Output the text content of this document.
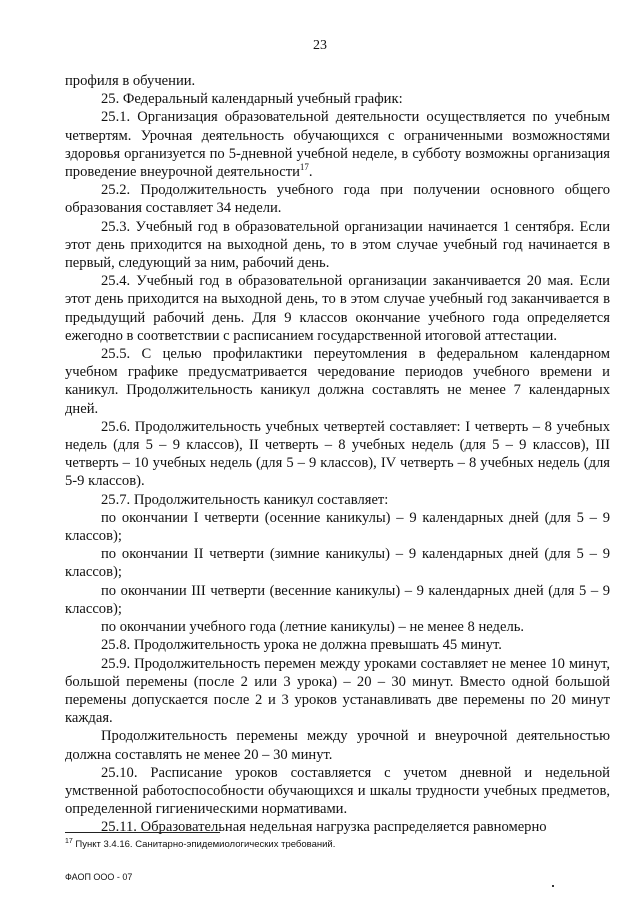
23

профиля в обучении.

25. Федеральный календарный учебный график:

25.1. Организация образовательной деятельности осуществляется по учебным четвертям. Урочная деятельность обучающихся с ограниченными возможностями здоровья организуется по 5-дневной учебной неделе, в субботу возможны организация проведение внеурочной деятельности$^{17}$.

25.2. Продолжительность учебного года при получении основного общего образования составляет 34 недели.

25.3. Учебный год в образовательной организации начинается 1 сентября. Если этот день приходится на выходной день, то в этом случае учебный год начинается в первый, следующий за ним, рабочий день.

25.4. Учебный год в образовательной организации заканчивается 20 мая. Если этот день приходится на выходной день, то в этом случае учебный год заканчивается в предыдущий рабочий день. Для 9 классов окончание учебного года определяется ежегодно в соответствии с расписанием государственной итоговой аттестации.

25.5. С целью профилактики переутомления в федеральном календарном учебном графике предусматривается чередование периодов учебного времени и каникул. Продолжительность каникул должна составлять не менее 7 календарных дней.

25.6. Продолжительность учебных четвертей составляет: I четверть – 8 учебных недель (для 5 – 9 классов), II четверть – 8 учебных недель (для 5 – 9 классов), III четверть – 10 учебных недель (для 5 – 9 классов), IV четверть – 8 учебных недель (для 5-9 классов).

25.7. Продолжительность каникул составляет:

по окончании I четверти (осенние каникулы) – 9 календарных дней (для 5 – 9 классов);

по окончании II четверти (зимние каникулы) – 9 календарных дней (для 5 – 9 классов);

по окончании III четверти (весенние каникулы) – 9 календарных дней (для 5 – 9 классов);

по окончании учебного года (летние каникулы) – не менее 8 недель.

25.8. Продолжительность урока не должна превышать 45 минут.

25.9. Продолжительность перемен между уроками составляет не менее 10 минут, большой перемены (после 2 или 3 урока) – 20 – 30 минут. Вместо одной большой перемены допускается после 2 и 3 уроков устанавливать две перемены по 20 минут каждая.

Продолжительность перемены между урочной и внеурочной деятельностью должна составлять не менее 20 – 30 минут.

25.10. Расписание уроков составляется с учетом дневной и недельной умственной работоспособности обучающихся и шкалы трудности учебных предметов, определенной гигиеническими нормативами.

25.11. Образовательная недельная нагрузка распределяется равномерно

$^{17}$ Пункт 3.4.16. Санитарно-эпидемиологических требований.
ФАОП ООО - 07
